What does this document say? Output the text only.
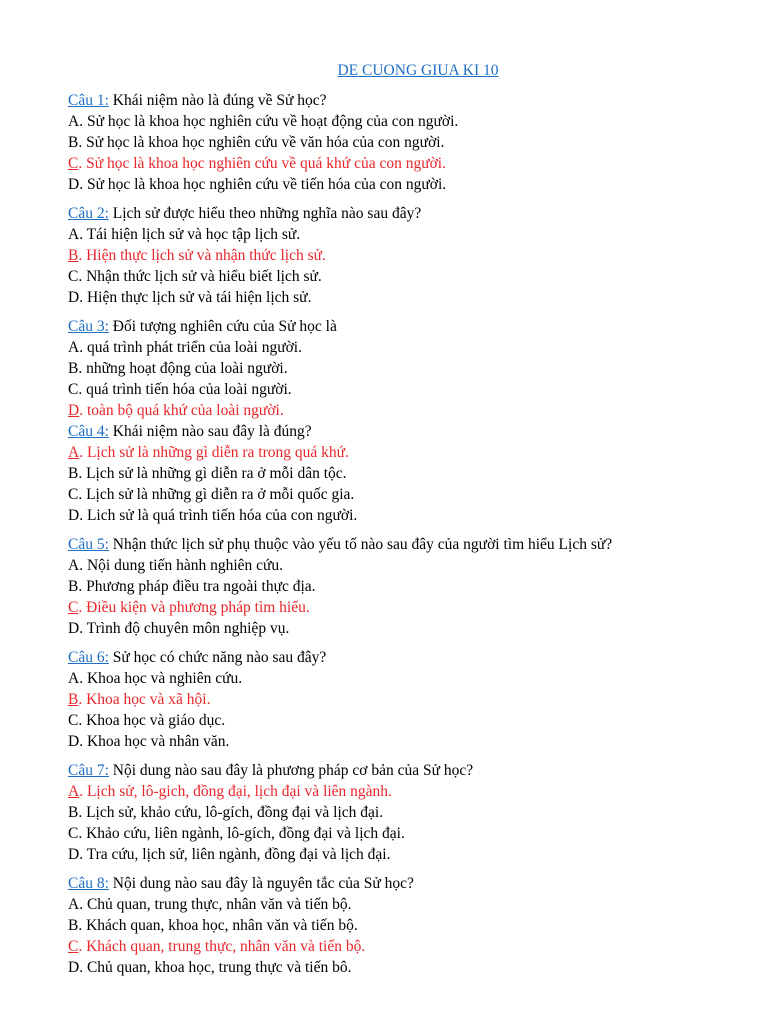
DE CUONG GIUA KI 10
Câu 1: Khái niệm nào là đúng về Sử học?
A. Sử học là khoa học nghiên cứu về hoạt động của con người.
B. Sử học là khoa học nghiên cứu về văn hóa của con người.
C. Sử học là khoa học nghiên cứu về quá khứ của con người.
D. Sử học là khoa học nghiên cứu về tiến hóa của con người.
Câu 2: Lịch sử được hiểu theo những nghĩa nào sau đây?
A. Tái hiện lịch sử và học tập lịch sử.
B. Hiện thực lịch sử và nhận thức lịch sử.
C. Nhận thức lịch sử và hiểu biết lịch sử.
D. Hiện thực lịch sử và tái hiện lịch sử.
Câu 3: Đối tượng nghiên cứu của Sử học là
A. quá trình phát triển của loài người.
B. những hoạt động của loài người.
C. quá trình tiến hóa của loài người.
D. toàn bộ quá khứ của loài người.
Câu 4: Khái niệm nào sau đây là đúng?
A. Lịch sử là những gì diễn ra trong quá khứ.
B. Lịch sử là những gì diễn ra ở mỗi dân tộc.
C. Lịch sử là những gì diễn ra ở mỗi quốc gia.
D. Lich sử là quá trình tiến hóa của con người.
Câu 5: Nhận thức lịch sử phụ thuộc vào yếu tố nào sau đây của người tìm hiểu Lịch sử?
A. Nội dung tiến hành nghiên cứu.
B. Phương pháp điều tra ngoài thực địa.
C. Điều kiện và phương pháp tìm hiểu.
D. Trình độ chuyên môn nghiệp vụ.
Câu 6: Sử học có chức năng nào sau đây?
A. Khoa học và nghiên cứu.
B. Khoa học và xã hội.
C. Khoa học và giáo dục.
D. Khoa học và nhân văn.
Câu 7: Nội dung nào sau đây là phương pháp cơ bản của Sử học?
A. Lịch sử, lô-gich, đồng đại, lịch đại và liên ngành.
B. Lịch sử, khảo cứu, lô-gích, đồng đại và lịch đại.
C. Khảo cứu, liên ngành, lô-gích, đồng đại và lịch đại.
D. Tra cứu, lịch sử, liên ngành, đồng đại và lịch đại.
Câu 8: Nội dung nào sau đây là nguyên tắc của Sử học?
A. Chủ quan, trung thực, nhân văn và tiến bộ.
B. Khách quan, khoa học, nhân văn và tiến bộ.
C. Khách quan, trung thực, nhân văn và tiến bộ.
D. Chủ quan, khoa học, trung thực và tiến bô.
